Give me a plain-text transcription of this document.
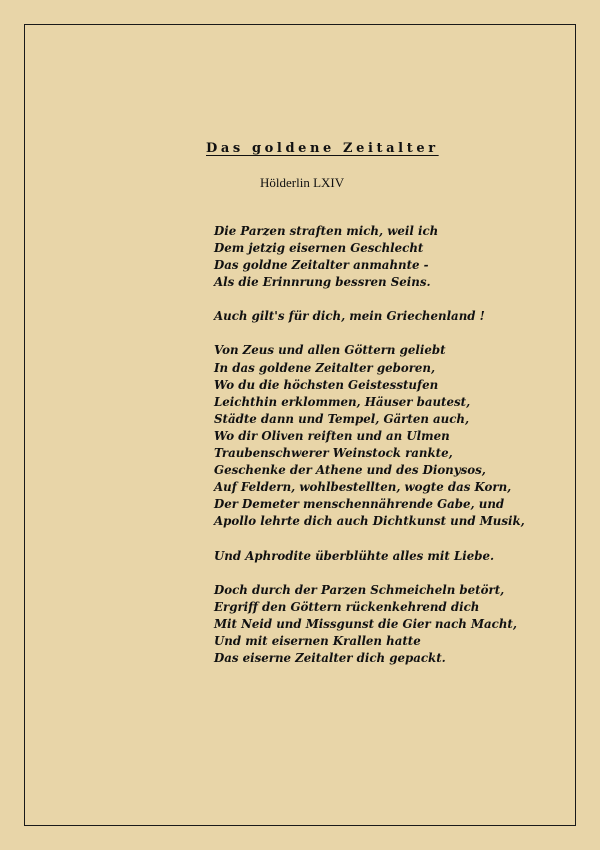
Das goldene Zeitalter

Hölderlin LXIV

Die Parzen straften mich, weil ich
Dem jetzig eisernen Geschlecht
Das goldne Zeitalter anmahnte -
Als die Erinnrung bessren Seins.
Auch gilt's für dich, mein Griechenland !
Von Zeus und allen Göttern geliebt
In das goldene Zeitalter geboren,
Wo du die höchsten Geistesstufen
Leichthin erklommen, Häuser bautest,
Städte dann und Tempel, Gärten auch,
Wo dir Oliven reiften und an Ulmen
Traubenschwerer Weinstock rankte,
Geschenke der Athene und des Dionysos,
Auf Feldern, wohlbestellten, wogte das Korn,
Der Demeter menschennährende Gabe, und
Apollo lehrte dich auch Dichtkunst und Musik,
Und Aphrodite überblühte alles mit Liebe.
Doch durch der Parzen Schmeicheln betört,
Ergriff den Göttern rückenkehrend dich
Mit Neid und Missgunst die Gier nach Macht,
Und mit eisernen Krallen hatte
Das eiserne Zeitalter dich gepackt.
